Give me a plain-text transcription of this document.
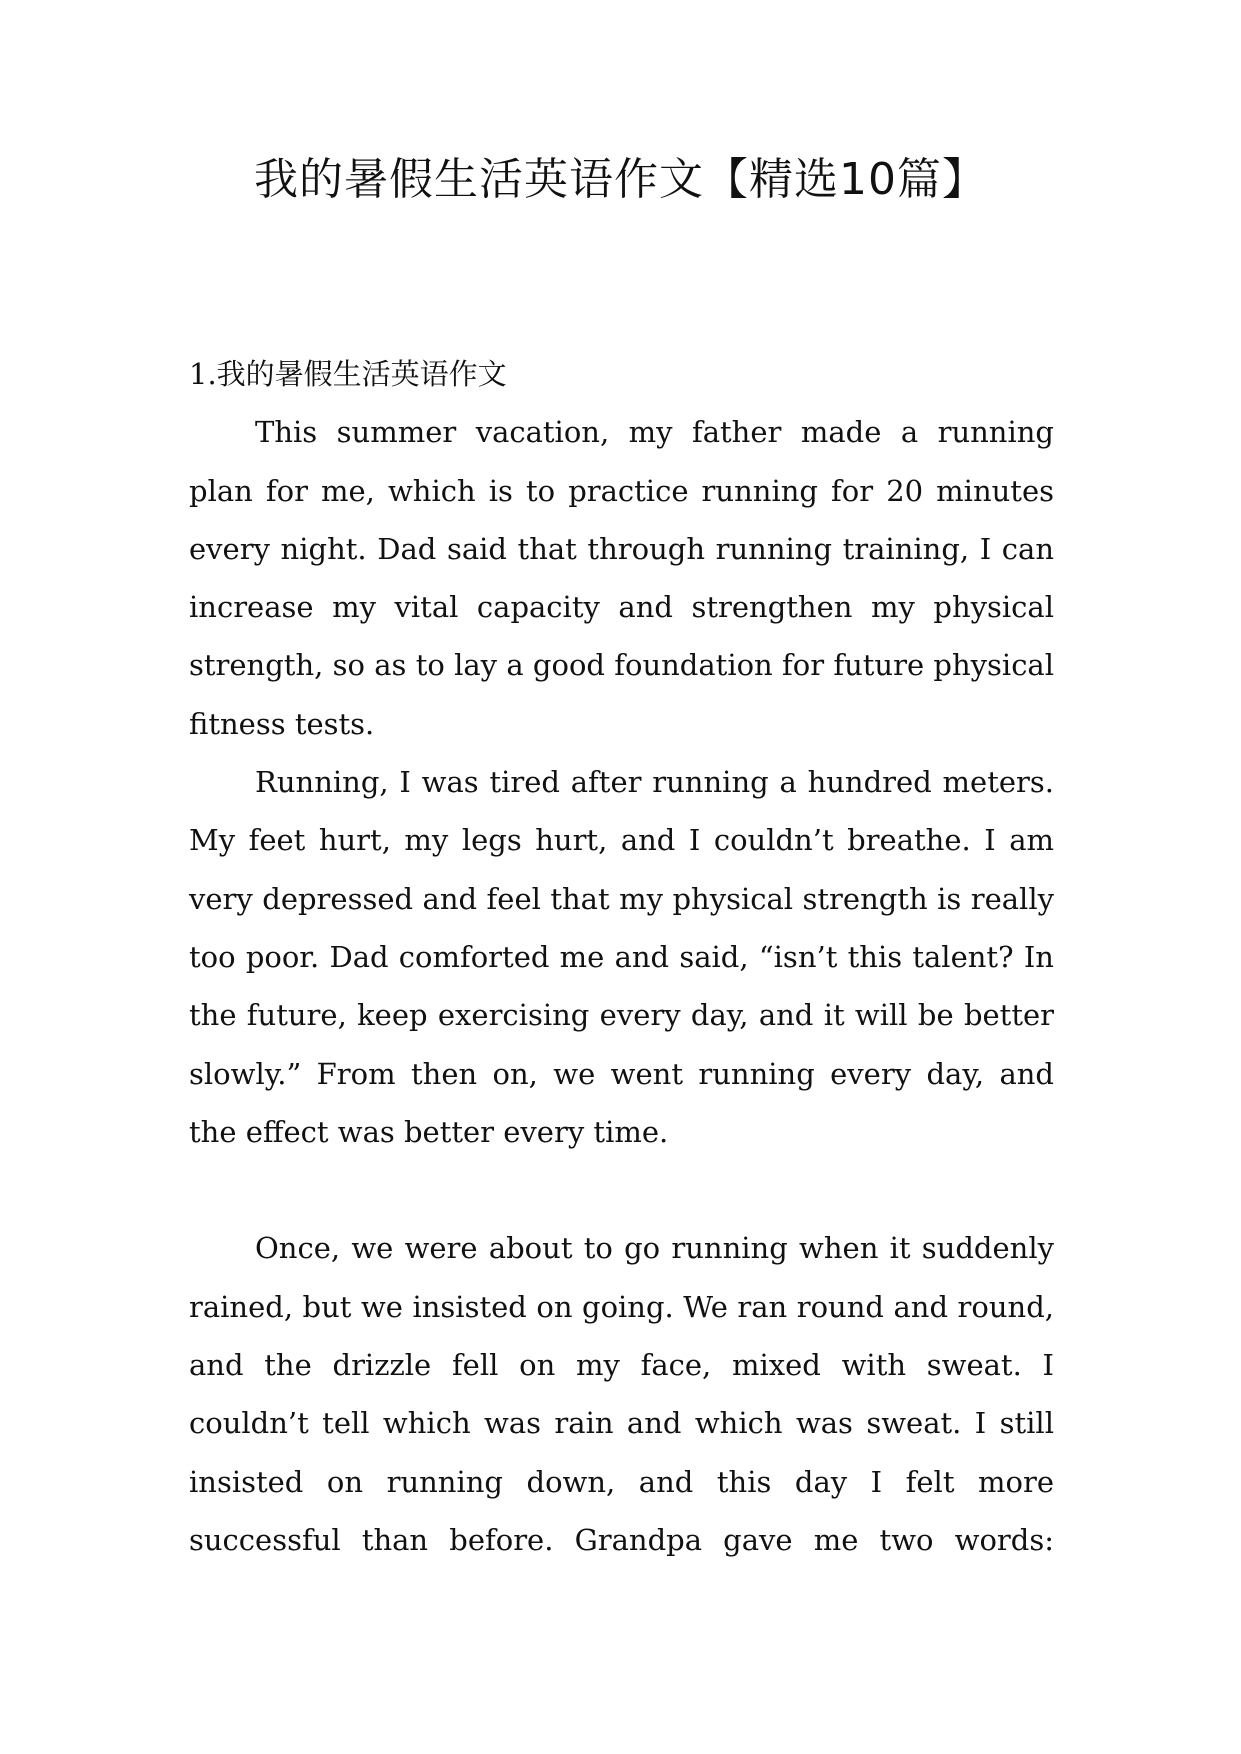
我的暑假生活英语作文【精选10篇】
1.我的暑假生活英语作文

This summer vacation, my father made a running plan for me, which is to practice running for 20 minutes every night. Dad said that through running training, I can increase my vital capacity and strengthen my physical strength, so as to lay a good foundation for future physical fitness tests.

Running, I was tired after running a hundred meters. My feet hurt, my legs hurt, and I couldn’t breathe. I am very depressed and feel that my physical strength is really too poor. Dad comforted me and said, “isn’t this talent? In the future, keep exercising every day, and it will be better slowly.” From then on, we went running every day, and the effect was better every time.

Once, we were about to go running when it suddenly rained, but we insisted on going. We ran round and round, and the drizzle fell on my face, mixed with sweat. I couldn’t tell which was rain and which was sweat. I still insisted on running down, and this day I felt more successful than before. Grandpa gave me two words:
